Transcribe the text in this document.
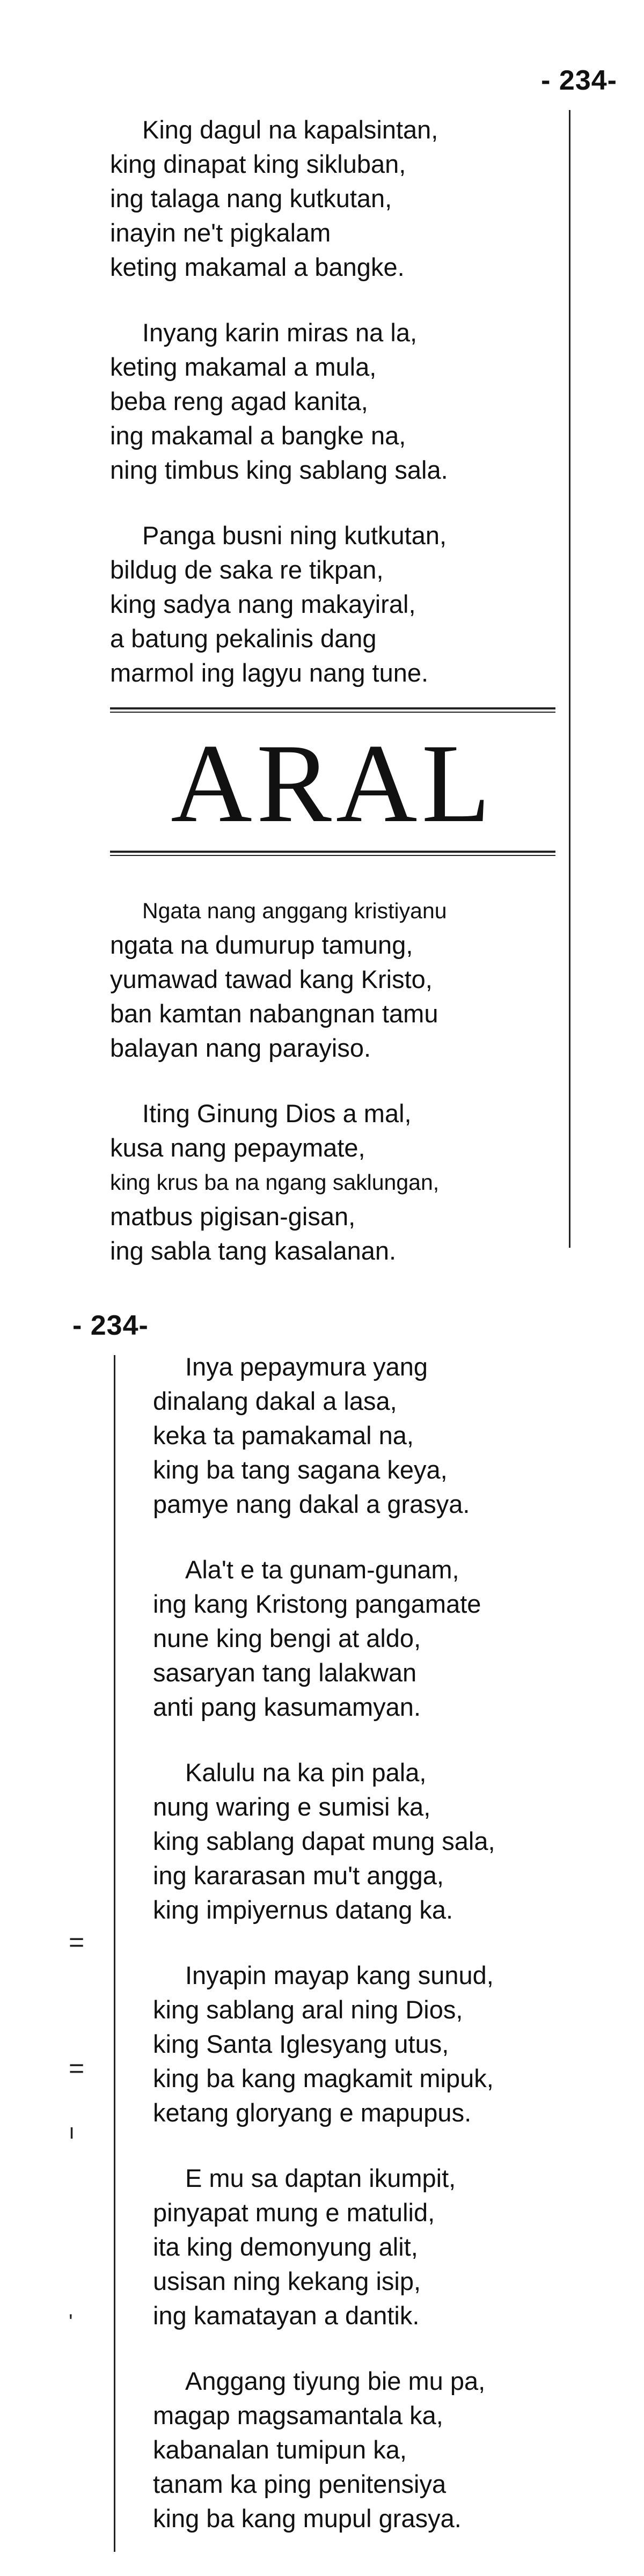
- 234-
King dagul na kapalsintan,
king dinapat king sikluban,
ing talaga nang kutkutan,
inayin ne't pigkalam
keting makamal a bangke.
Inyang karin miras na la,
keting makamal a mula,
beba reng agad kanita,
ing makamal a bangke na,
ning timbus king sablang sala.
Panga busni ning kutkutan,
bildug de saka re tikpan,
king sadya nang makayiral,
a batung pekalinis dang
marmol ing lagyu nang tune.
ARAL
Ngata nang anggang kristiyanu
ngata na dumurup tamung,
yumawad tawad kang Kristo,
ban kamtan nabangnan tamu
balayan nang parayiso.
Iting Ginung Dios a mal,
kusa nang pepaymate,
king krus ba na ngang saklungan,
matbus pigisan-gisan,
ing sabla tang kasalanan.
- 234-
=
=
ı
'
Inya pepaymura yang
dinalang dakal a lasa,
keka ta pamakamal na,
king ba tang sagana keya,
pamye nang dakal a grasya.
Ala't e ta gunam-gunam,
ing kang Kristong pangamate
nune king bengi at aldo,
sasaryan tang lalakwan
anti pang kasumamyan.
Kalulu na ka pin pala,
nung waring e sumisi ka,
king sablang dapat mung sala,
ing kararasan mu't angga,
king impiyernus datang ka.
Inyapin mayap kang sunud,
king sablang aral ning Dios,
king Santa Iglesyang utus,
king ba kang magkamit mipuk,
ketang gloryang e mapupus.
E mu sa daptan ikumpit,
pinyapat mung e matulid,
ita king demonyung alit,
usisan ning kekang isip,
ing kamatayan a dantik.
Anggang tiyung bie mu pa,
magap magsamantala ka,
kabanalan tumipun ka,
tanam ka ping penitensiya
king ba kang mupul grasya.
